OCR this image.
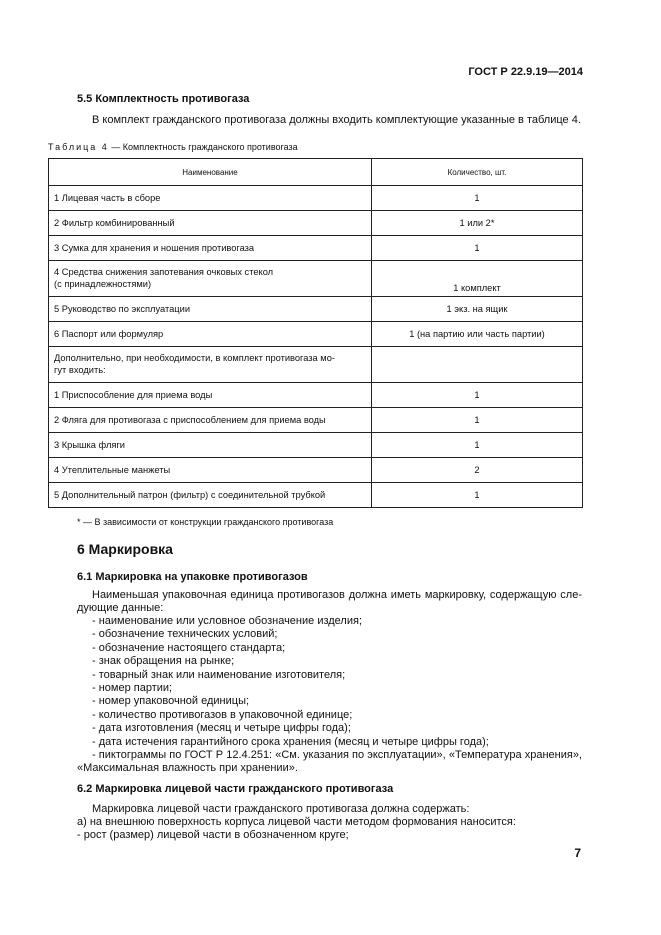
ГОСТ Р 22.9.19—2014
5.5 Комплектность противогаза
В комплект гражданского противогаза должны входить комплектующие указанные в таблице 4.
Таблица 4 — Комплектность гражданского противогаза
Наименование	Количество, шт.
1 Лицевая часть в сборе	1
2 Фильтр комбинированный	1 или 2*
3 Сумка для хранения и ношения противогаза	1
4 Средства снижения запотевания очковых стекол
(с принадлежностями)	1 комплект
5 Руководство по эксплуатации	1 экз. на ящик
6 Паспорт или формуляр	1 (на партию или часть партии)
Дополнительно, при необходимости, в комплект противогаза мо-
гут входить:	
1 Приспособление для приема воды	1
2 Фляга для противогаза с приспособлением для приема воды	1
3 Крышка фляги	1
4 Утеплительные манжеты	2
5 Дополнительный патрон (фильтр) с соединительной трубкой	1
* — В зависимости от конструкции гражданского противогаза
6 Маркировка
6.1 Маркировка на упаковке противогазов
Наименьшая упаковочная единица противогазов должна иметь маркировку, содержащую сле-
дующие данные:
- наименование или условное обозначение изделия;
- обозначение технических условий;
- обозначение настоящего стандарта;
- знак обращения на рынке;
- товарный знак или наименование изготовителя;
- номер партии;
- номер упаковочной единицы;
- количество противогазов в упаковочной единице;
- дата изготовления (месяц и четыре цифры года);
- дата истечения гарантийного срока хранения (месяц и четыре цифры года);
- пиктограммы по ГОСТ Р 12.4.251: «См. указания по эксплуатации», «Температура хранения»,
«Максимальная влажность при хранении».
6.2 Маркировка лицевой части гражданского противогаза
Маркировка лицевой части гражданского противогаза должна содержать:
а) на внешнюю поверхность корпуса лицевой части методом формования наносится:
- рост (размер) лицевой части в обозначенном круге;
7
